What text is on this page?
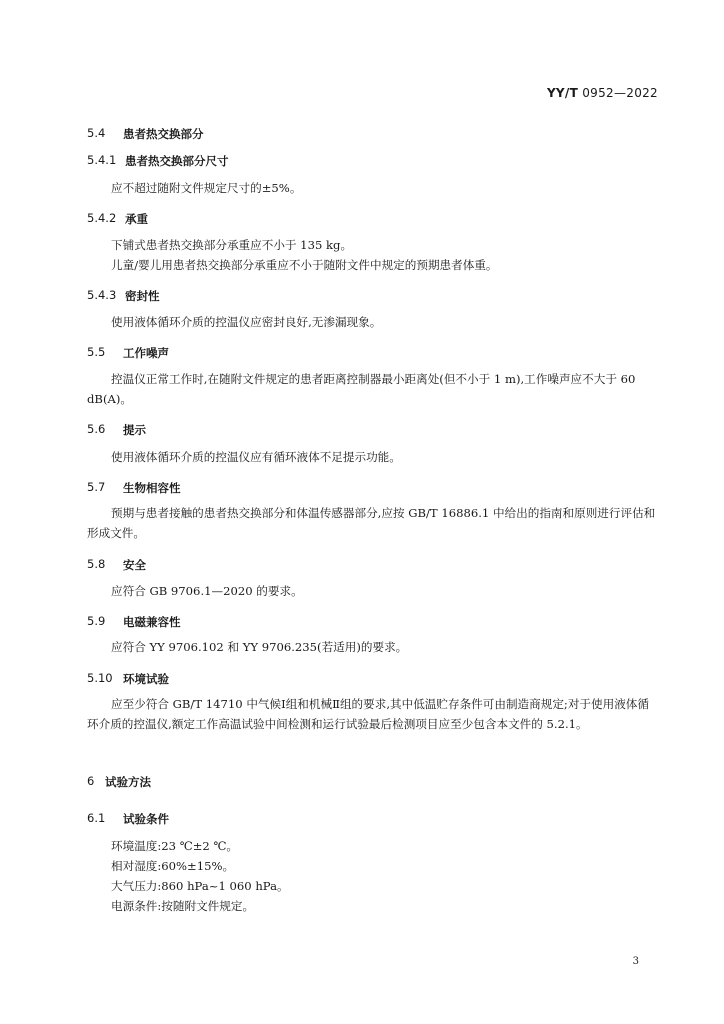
YY/T 0952—2022
5.4	患者热交换部分
5.4.1 患者热交换部分尺寸
应不超过随附文件规定尺寸的±5%。
5.4.2 承重
下铺式患者热交换部分承重应不小于 135 kg。
儿童/婴儿用患者热交换部分承重应不小于随附文件中规定的预期患者体重。
5.4.3 密封性
使用液体循环介质的控温仪应密封良好,无渗漏现象。
5.5	工作噪声
控温仪正常工作时,在随附文件规定的患者距离控制器最小距离处(但不小于 1 m),工作噪声应不大于 60 dB(A)。
5.6	提示
使用液体循环介质的控温仪应有循环液体不足提示功能。
5.7	生物相容性
预期与患者接触的患者热交换部分和体温传感器部分,应按 GB/T 16886.1 中给出的指南和原则进行评估和形成文件。
5.8	安全
应符合 GB 9706.1—2020 的要求。
5.9	电磁兼容性
应符合 YY 9706.102 和 YY 9706.235(若适用)的要求。
5.10 环境试验
应至少符合 GB/T 14710 中气候Ⅰ组和机械Ⅱ组的要求,其中低温贮存条件可由制造商规定;对于使用液体循环介质的控温仪,额定工作高温试验中间检测和运行试验最后检测项目应至少包含本文件的 5.2.1。
6 试验方法
6.1	试验条件
环境温度:23 ℃±2 ℃。
相对湿度:60%±15%。
大气压力:860 hPa~1 060 hPa。
电源条件:按随附文件规定。
3
